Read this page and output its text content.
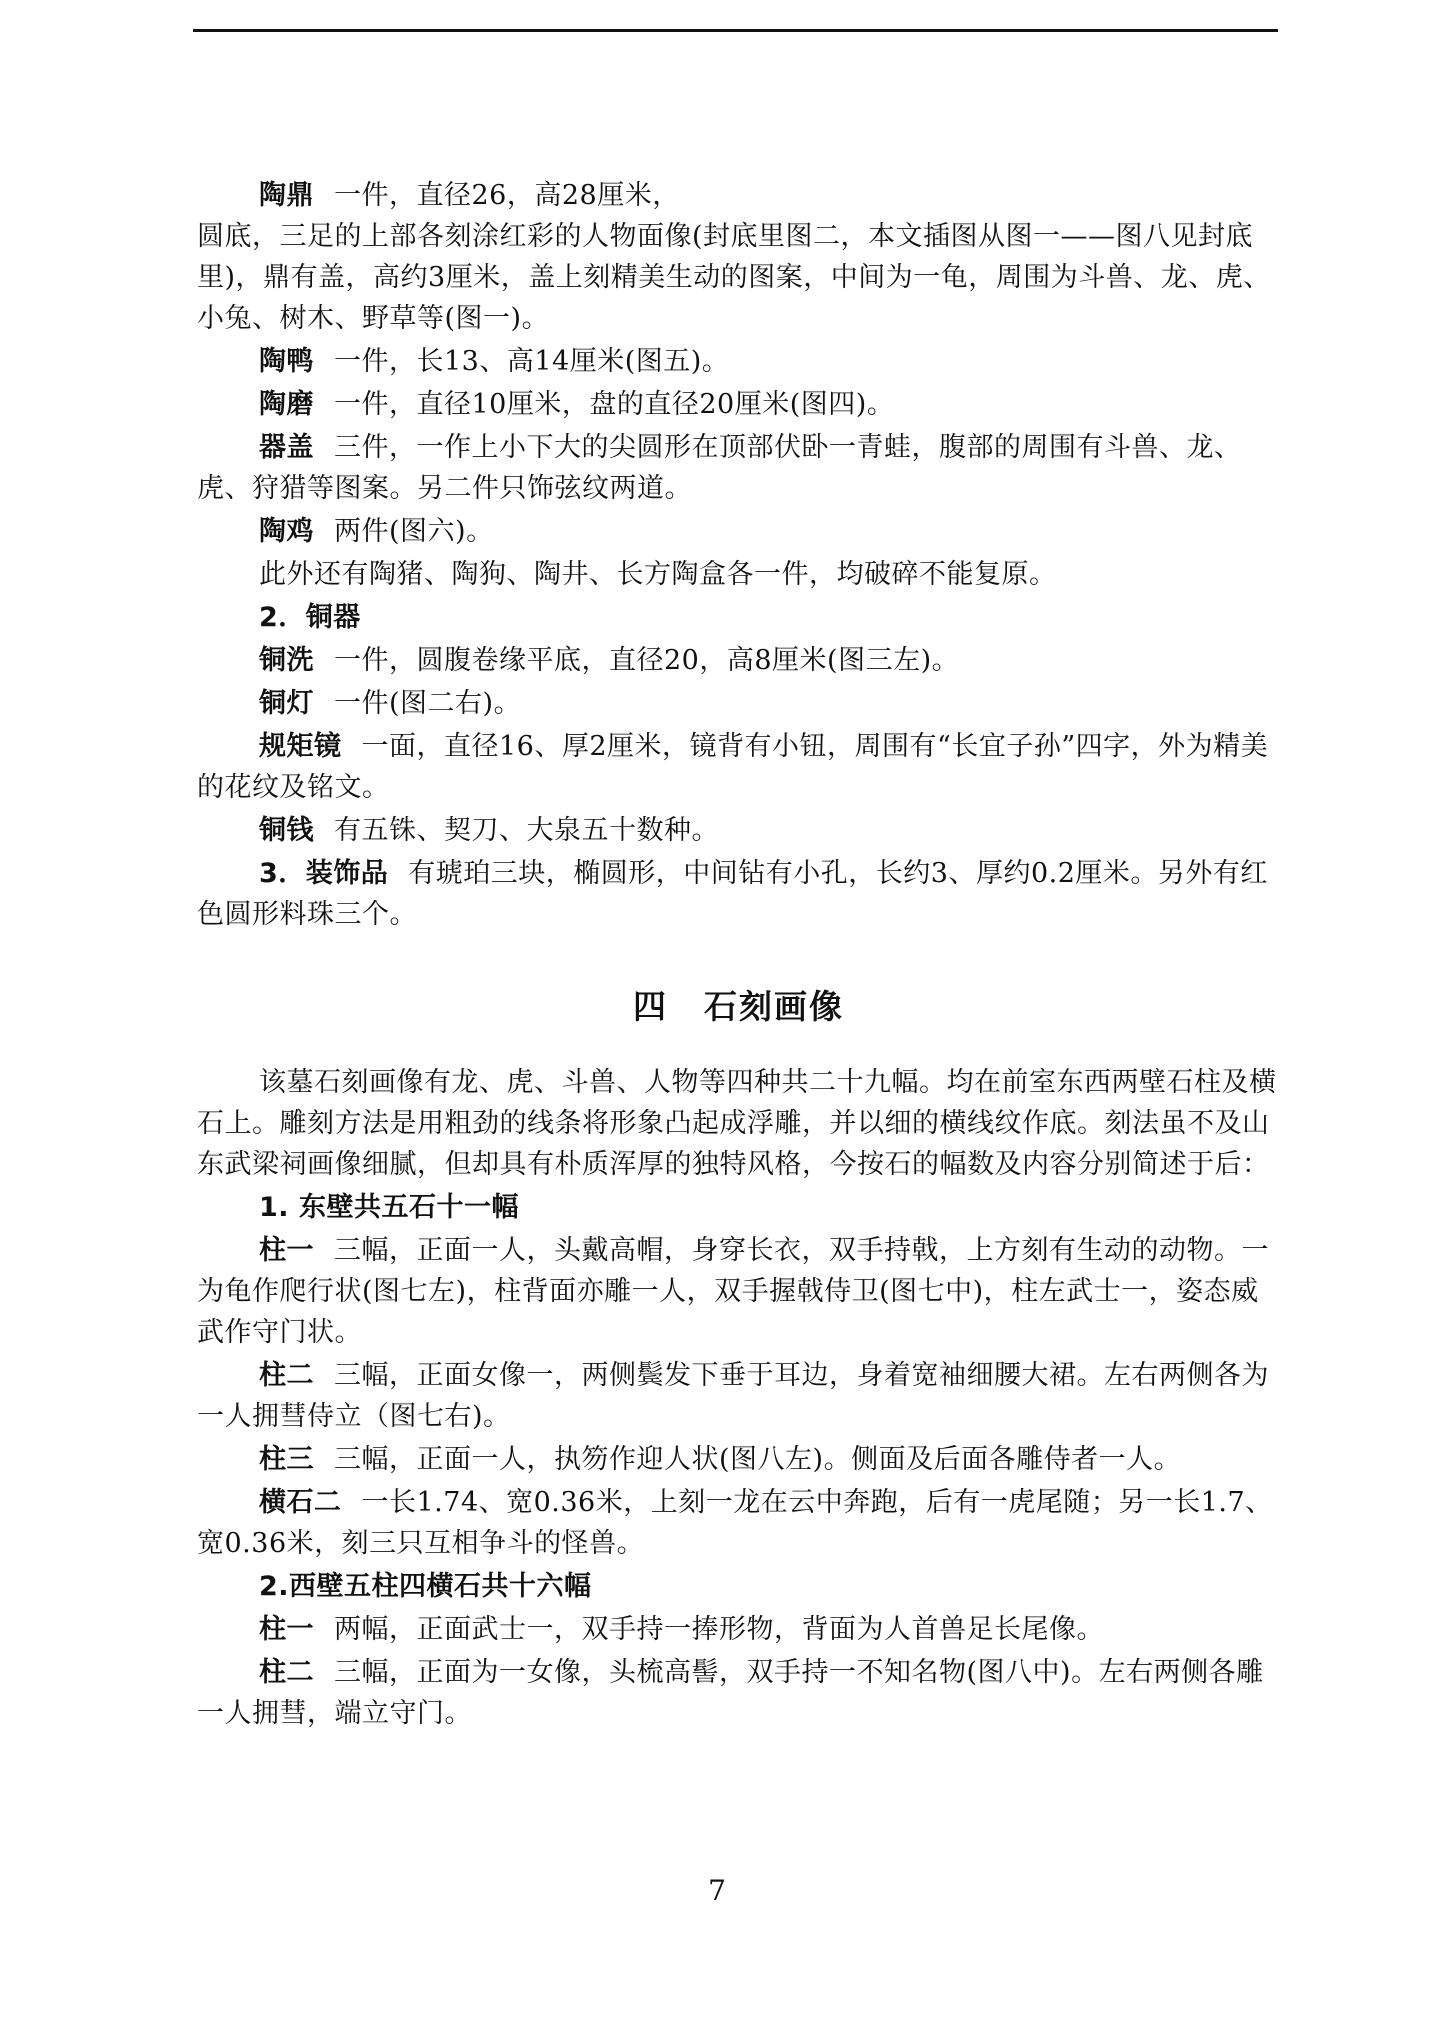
陶鼎 一件，直径26，高28厘米，

圆底，三足的上部各刻涂红彩的人物面像(封底里图二，本文插图从图一——图八见封底里)，鼎有盖，高约3厘米，盖上刻精美生动的图案，中间为一龟，周围为斗兽、龙、虎、小兔、树木、野草等(图一)。

陶鸭 一件，长13、高14厘米(图五)。

陶磨 一件，直径10厘米，盘的直径20厘米(图四)。

器盖 三件，一作上小下大的尖圆形在顶部伏卧一青蛙，腹部的周围有斗兽、龙、虎、狩猎等图案。另二件只饰弦纹两道。

陶鸡 两件(图六)。

此外还有陶猪、陶狗、陶井、长方陶盒各一件，均破碎不能复原。

2．铜器

铜洗 一件，圆腹卷缘平底，直径20，高8厘米(图三左)。

铜灯 一件(图二右)。

规矩镜 一面，直径16、厚2厘米，镜背有小钮，周围有“长宜子孙”四字，外为精美的花纹及铭文。

铜钱 有五铢、契刀、大泉五十数种。

3．装饰品 有琥珀三块，椭圆形，中间钻有小孔，长约3、厚约0.2厘米。另外有红色圆形料珠三个。

四 石刻画像

该墓石刻画像有龙、虎、斗兽、人物等四种共二十九幅。均在前室东西两壁石柱及横石上。雕刻方法是用粗劲的线条将形象凸起成浮雕，并以细的横线纹作底。刻法虽不及山东武梁祠画像细腻，但却具有朴质浑厚的独特风格，今按石的幅数及内容分别简述于后：

1. 东壁共五石十一幅

柱一 三幅，正面一人，头戴高帽，身穿长衣，双手持戟，上方刻有生动的动物。一为龟作爬行状(图七左)，柱背面亦雕一人，双手握戟侍卫(图七中)，柱左武士一，姿态威武作守门状。

柱二 三幅，正面女像一，两侧鬓发下垂于耳边，身着宽袖细腰大裙。左右两侧各为一人拥彗侍立（图七右)。

柱三 三幅，正面一人，执笏作迎人状(图八左)。侧面及后面各雕侍者一人。

横石二 一长1.74、宽0.36米，上刻一龙在云中奔跑，后有一虎尾随；另一长1.7、宽0.36米，刻三只互相争斗的怪兽。

2.西壁五柱四横石共十六幅

柱一 两幅，正面武士一，双手持一捧形物，背面为人首兽足长尾像。

柱二 三幅，正面为一女像，头梳高髻，双手持一不知名物(图八中)。左右两侧各雕一人拥彗，端立守门。

7
